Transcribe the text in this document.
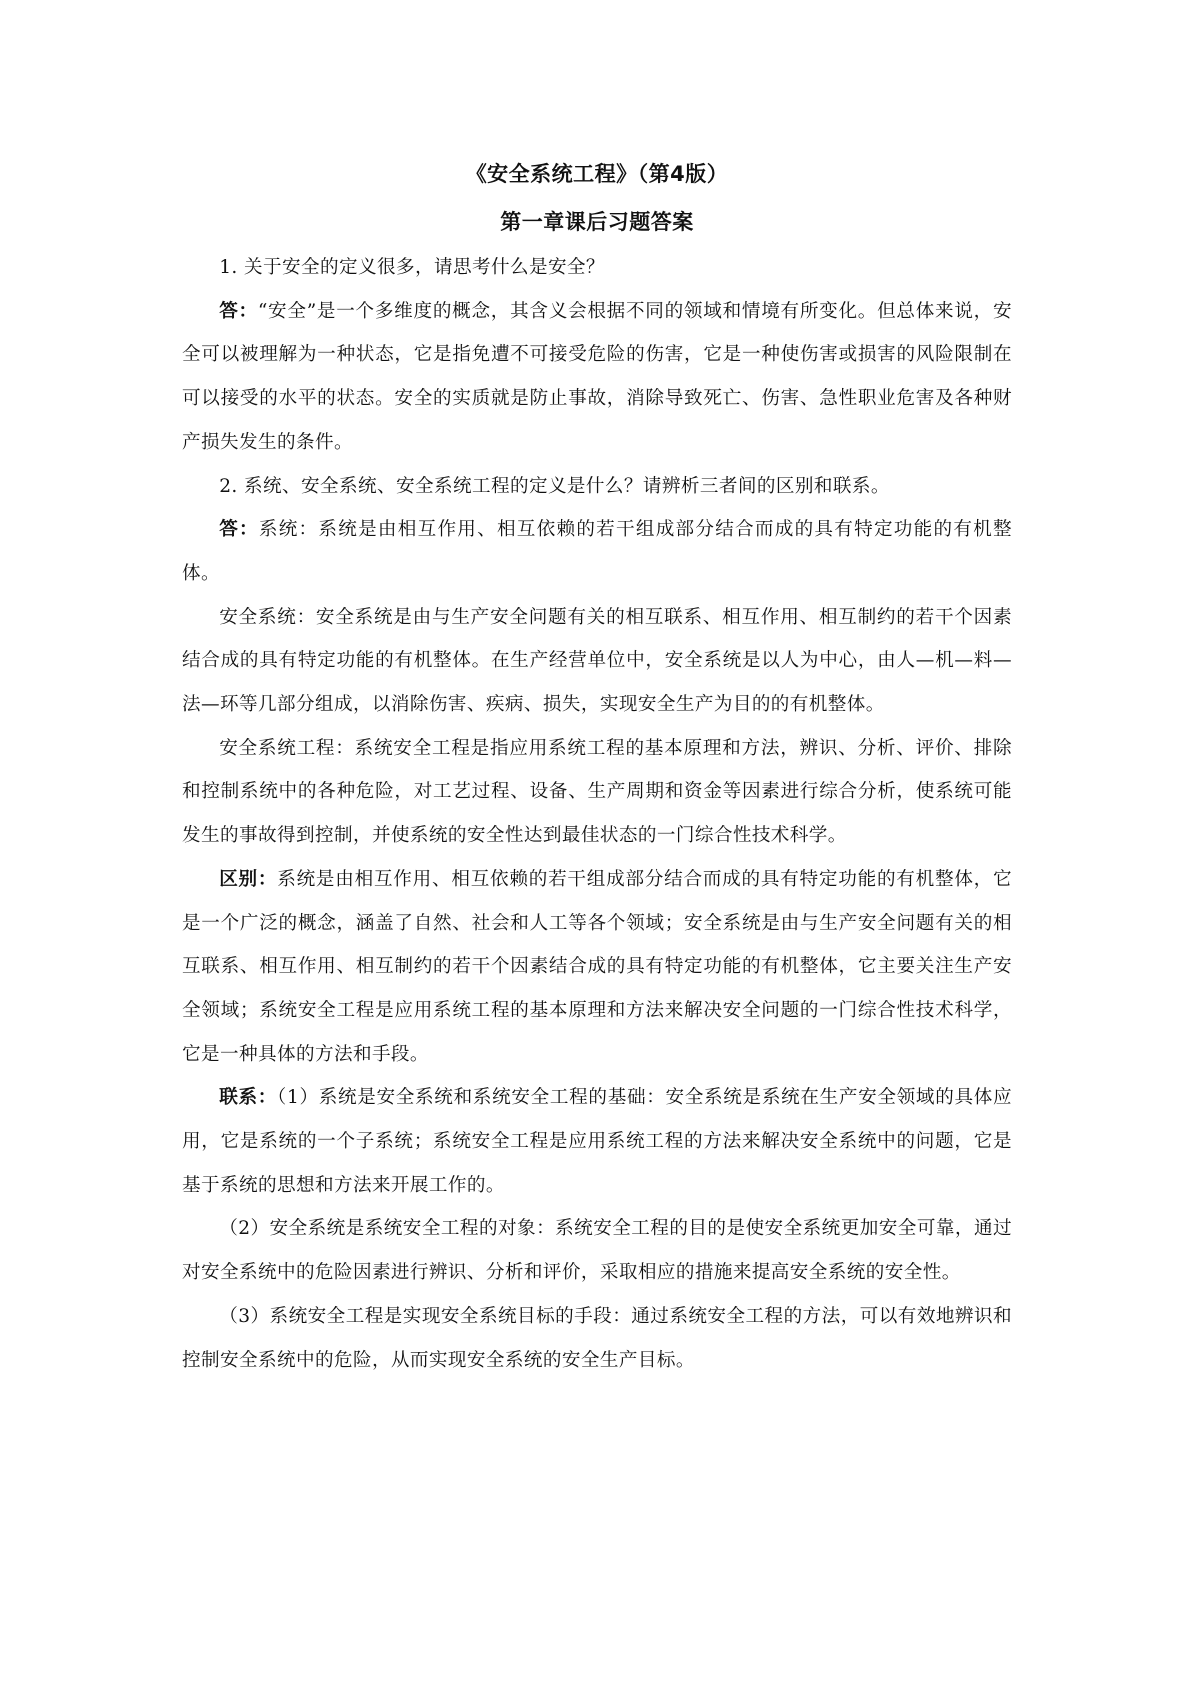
《安全系统工程》（第4版）
第一章课后习题答案

1. 关于安全的定义很多，请思考什么是安全？

答：“安全”是一个多维度的概念，其含义会根据不同的领域和情境有所变化。但总体来说，安全可以被理解为一种状态，它是指免遭不可接受危险的伤害，它是一种使伤害或损害的风险限制在可以接受的水平的状态。安全的实质就是防止事故，消除导致死亡、伤害、急性职业危害及各种财产损失发生的条件。

2. 系统、安全系统、安全系统工程的定义是什么？请辨析三者间的区别和联系。

答：系统：系统是由相互作用、相互依赖的若干组成部分结合而成的具有特定功能的有机整体。

安全系统：安全系统是由与生产安全问题有关的相互联系、相互作用、相互制约的若干个因素结合成的具有特定功能的有机整体。在生产经营单位中，安全系统是以人为中心，由人—机—料—法—环等几部分组成，以消除伤害、疾病、损失，实现安全生产为目的的有机整体。

安全系统工程：系统安全工程是指应用系统工程的基本原理和方法，辨识、分析、评价、排除和控制系统中的各种危险，对工艺过程、设备、生产周期和资金等因素进行综合分析，使系统可能发生的事故得到控制，并使系统的安全性达到最佳状态的一门综合性技术科学。

区别：系统是由相互作用、相互依赖的若干组成部分结合而成的具有特定功能的有机整体，它是一个广泛的概念，涵盖了自然、社会和人工等各个领域；安全系统是由与生产安全问题有关的相互联系、相互作用、相互制约的若干个因素结合成的具有特定功能的有机整体，它主要关注生产安全领域；系统安全工程是应用系统工程的基本原理和方法来解决安全问题的一门综合性技术科学，它是一种具体的方法和手段。

联系：（1）系统是安全系统和系统安全工程的基础：安全系统是系统在生产安全领域的具体应用，它是系统的一个子系统；系统安全工程是应用系统工程的方法来解决安全系统中的问题，它是基于系统的思想和方法来开展工作的。

（2）安全系统是系统安全工程的对象：系统安全工程的目的是使安全系统更加安全可靠，通过对安全系统中的危险因素进行辨识、分析和评价，采取相应的措施来提高安全系统的安全性。

（3）系统安全工程是实现安全系统目标的手段：通过系统安全工程的方法，可以有效地辨识和控制安全系统中的危险，从而实现安全系统的安全生产目标。
